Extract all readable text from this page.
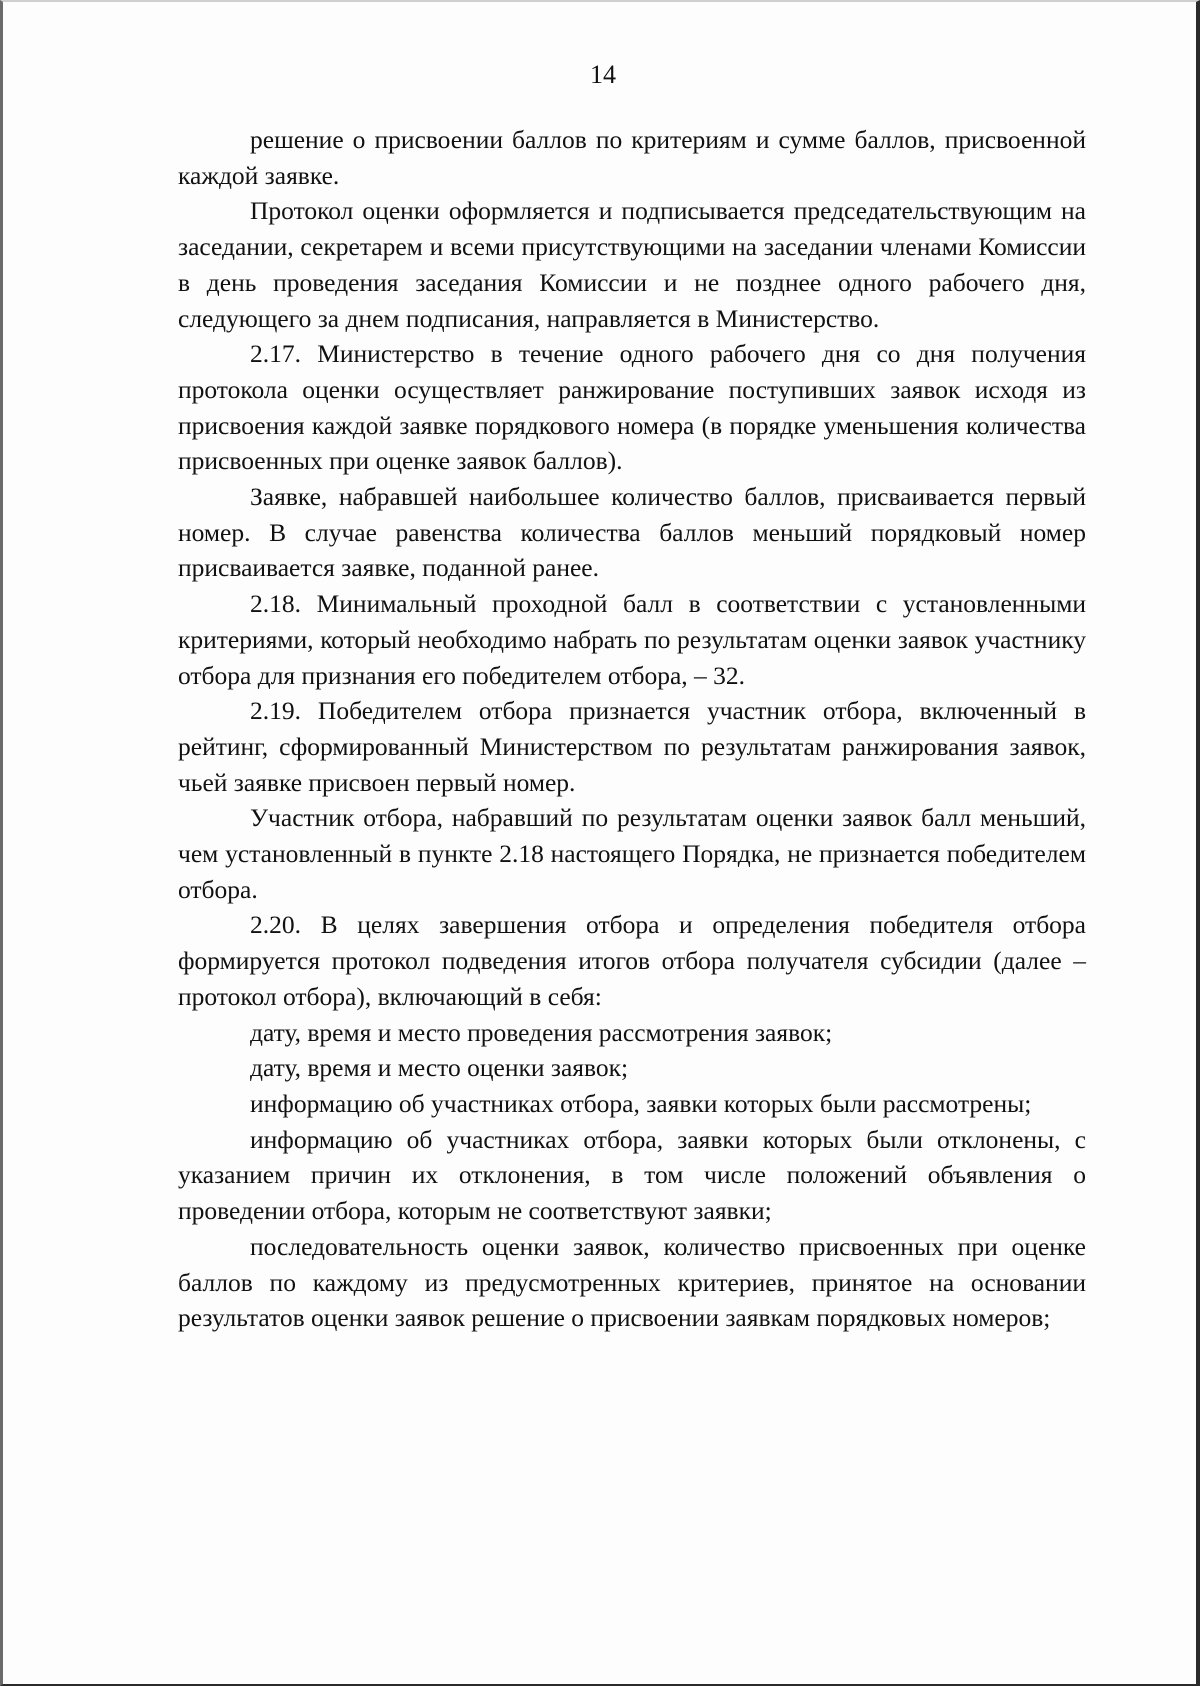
14

решение о присвоении баллов по критериям и сумме баллов, присвоенной каждой заявке.

Протокол оценки оформляется и подписывается председательствующим на заседании, секретарем и всеми присутствующими на заседании членами Комиссии в день проведения заседания Комиссии и не позднее одного рабочего дня, следующего за днем подписания, направляется в Министерство.

2.17. Министерство в течение одного рабочего дня со дня получения протокола оценки осуществляет ранжирование поступивших заявок исходя из присвоения каждой заявке порядкового номера (в порядке уменьшения количества присвоенных при оценке заявок баллов).

Заявке, набравшей наибольшее количество баллов, присваивается первый номер. В случае равенства количества баллов меньший порядковый номер присваивается заявке, поданной ранее.

2.18. Минимальный проходной балл в соответствии с установленными критериями, который необходимо набрать по результатам оценки заявок участнику отбора для признания его победителем отбора, – 32.

2.19. Победителем отбора признается участник отбора, включенный в рейтинг, сформированный Министерством по результатам ранжирования заявок, чьей заявке присвоен первый номер.

Участник отбора, набравший по результатам оценки заявок балл меньший, чем установленный в пункте 2.18 настоящего Порядка, не признается победителем отбора.

2.20. В целях завершения отбора и определения победителя отбора формируется протокол подведения итогов отбора получателя субсидии (далее – протокол отбора), включающий в себя:

дату, время и место проведения рассмотрения заявок;

дату, время и место оценки заявок;

информацию об участниках отбора, заявки которых были рассмотрены;

информацию об участниках отбора, заявки которых были отклонены, с указанием причин их отклонения, в том числе положений объявления о проведении отбора, которым не соответствуют заявки;

последовательность оценки заявок, количество присвоенных при оценке баллов по каждому из предусмотренных критериев, принятое на основании результатов оценки заявок решение о присвоении заявкам порядковых номеров;
